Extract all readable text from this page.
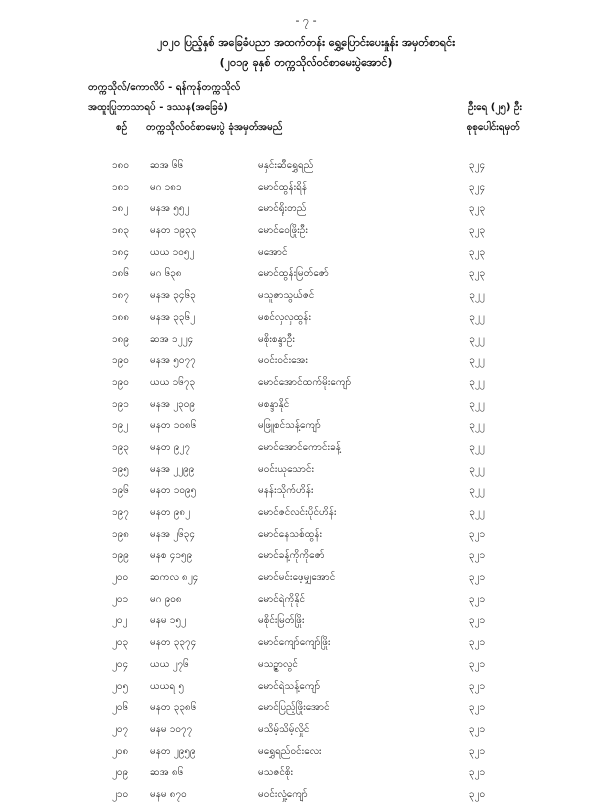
- ၇ -
၂၀၂၀ ပြည့်နှစ် အခြေခံပညာ အထက်တန်း ရွှေ့ပြောင်းပေးနှုန်း အမှတ်စာရင်း
(၂၀၁၉ ခုနှစ် တက္ကသိုလ်ဝင်စာမေးပွဲအောင်)
တက္ကသိုလ်/ကောလိပ် - ရန်ကုန်တက္ကသိုလ်
အထူးပြုဘာသာရပ် - ဒဿန(အခြေခံ)	ဦးရေ (၂၅) ဦး
စဉ် တက္ကသိုလ်ဝင်စာမေးပွဲ ခုံအမှတ် အမည်	စုစုပေါင်းရမှတ်
၁၈၀ ဆအ ၆၆	မနှင်းဆီရွှေရည်	၃၂၄
၁၈၁ မဂ ၁၈၁	မောင်ထွန်းရိန်	၃၂၄
၁၈၂ မနအ ၅၅၂	မောင်ရိုးတည်	၃၂၃
၁၈၃ မနတ ၁၉၃၃	မောင်ဝေဖြိုးဦး	၃၂၃
၁၈၄ ယယ ၁၀၅၂	မအောင်	၃၂၃
၁၈၆ မဂ ၆၃၈	မောင်ထွန်းမြတ်ဇော်	၃၂၃
၁၈၇ မနအ ၃၄၆၃	မသူဇာသွယ်ဇင်	၃၂၂
၁၈၈ မနအ ၃၃၆၂	မစင်လှလှထွန်း	၃၂၂
၁၈၉ ဆအ ၁၂၂၄	မစိုးစန္ဒာဦး	၃၂၂
၁၉၀ မနအ ၅၀၇၇	မဝင်းဝင်းအေး	၃၂၂
၁၉၀ ယယ ၁၆၇၃	မောင်အောင်ထက်မိုးကျော်	၃၂၂
၁၉၁ မနအ ၂၃၀၉	မစန္ဒာနိုင်	၃၂၂
၁၉၂ မနတ ၁၀၈၆	မဖြူစင်သန့်ကျော်	၃၂၂
၁၉၃ မနတ ၉၂၇	မောင်အောင်ကောင်းခန့်	၃၂၂
၁၉၅ မနအ ၂၂၉၉	မဝင်းယုသောင်း	၃၂၂
၁၉၆ မနတ ၁၀၉၅	မနန်းသိုက်ဟိန်း	၃၂၂
၁၉၇ မနတ ၉၈၂	မောင်ဇင်လင်းပိုင်ဟိန်း	၃၂၂
၁၉၈ မနအ ၂၆၃၄	မောင်နေသစ်ထွန်း	၃၂၁
၁၉၉ မနစ ၄၁၅၉	မောင်ခန့်ကိုကိုဇော်	၃၂၁
၂၀၀ ဆကလ ၈၂၄	မောင်မင်းဖေ့မျှအောင်	၃၂၁
၂၀၁ မဂ ၉၀၈	မောင်ရဲကိုနိုင်	၃၂၁
၂၀၂ မနမ ၁၅၂	မစိုင်းမြတ်ဖြိုး	၃၂၁
၂၀၃ မနတ ၃၃၇၄	မောင်ကျော်ကျော်ဖြိုး	၃၂၁
၂၀၄ ယယ ၂၇၆	မသဥ္ဇာလွင်	၃၂၁
၂၀၅ ယယရ ၅	မောင်ရဲသန့်ကျော်	၃၂၁
၂၀၆ မနတ ၃၃၈၆	မောင်ပြည့်ဖြိုးအောင်	၃၂၁
၂၀၇ မနမ ၁၀၇၇	မသိမ့်သိမ့်လှိုင်	၃၂၁
၂၀၈ မနတ ၂၉၅၉	မရွှေရည်ဝင်းလေး	၃၂၁
၂၀၉ ဆအ ၈၆	မသဇင်စိုး	၃၂၁
၂၁၀ မနမ ၈၇၀	မဝင်းလှုံ့ကျော်	၃၂၀
